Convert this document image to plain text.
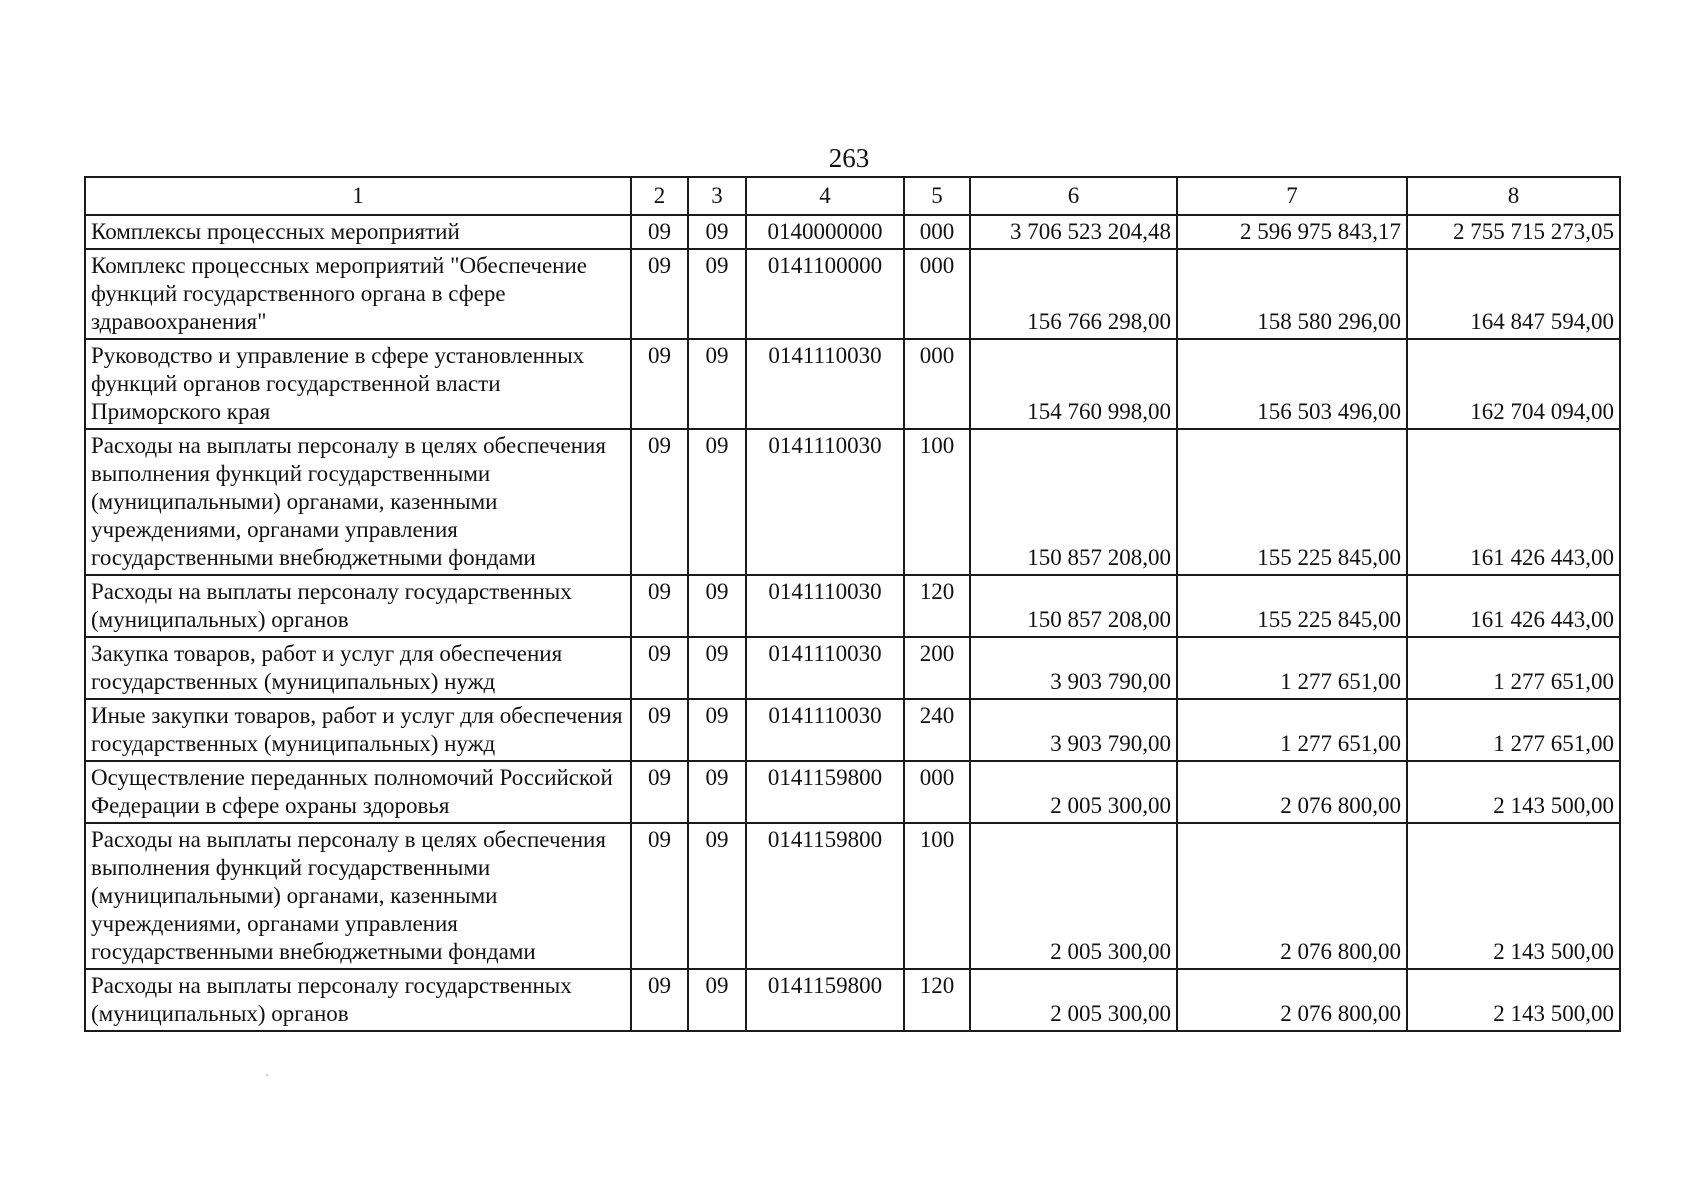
263
1	2	3	4	5	6	7	8
Комплексы процессных мероприятий	09	09	0140000000	000	3 706 523 204,48	2 596 975 843,17	2 755 715 273,05
Комплекс процессных мероприятий "Обеспечение функций государственного органа в сфере здравоохранения"	09	09	0141100000	000	156 766 298,00	158 580 296,00	164 847 594,00
Руководство и управление в сфере установленных функций органов государственной власти Приморского края	09	09	0141110030	000	154 760 998,00	156 503 496,00	162 704 094,00
Расходы на выплаты персоналу в целях обеспечения выполнения функций государственными (муниципальными) органами, казенными учреждениями, органами управления государственными внебюджетными фондами	09	09	0141110030	100	150 857 208,00	155 225 845,00	161 426 443,00
Расходы на выплаты персоналу государственных (муниципальных) органов	09	09	0141110030	120	150 857 208,00	155 225 845,00	161 426 443,00
Закупка товаров, работ и услуг для обеспечения государственных (муниципальных) нужд	09	09	0141110030	200	3 903 790,00	1 277 651,00	1 277 651,00
Иные закупки товаров, работ и услуг для обеспечения государственных (муниципальных) нужд	09	09	0141110030	240	3 903 790,00	1 277 651,00	1 277 651,00
Осуществление переданных полномочий Российской Федерации в сфере охраны здоровья	09	09	0141159800	000	2 005 300,00	2 076 800,00	2 143 500,00
Расходы на выплаты персоналу в целях обеспечения выполнения функций государственными (муниципальными) органами, казенными учреждениями, органами управления государственными внебюджетными фондами	09	09	0141159800	100	2 005 300,00	2 076 800,00	2 143 500,00
Расходы на выплаты персоналу государственных (муниципальных) органов	09	09	0141159800	120	2 005 300,00	2 076 800,00	2 143 500,00
